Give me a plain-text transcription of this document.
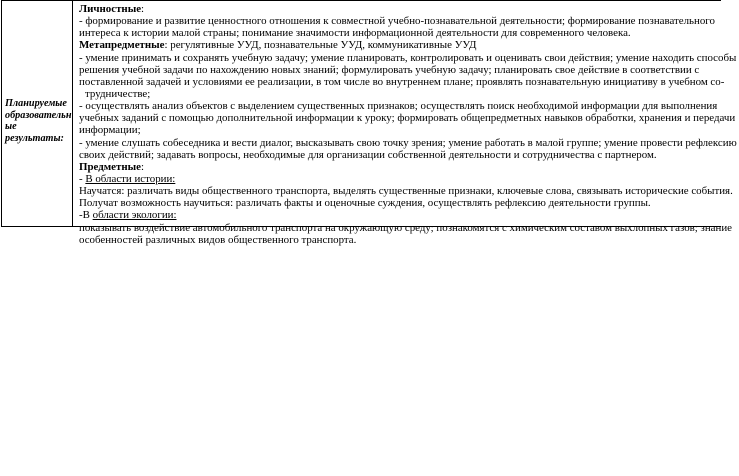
Планируемые
образовательн
ые результаты:
Личностные:
- формирование и развитие ценностного отношения к совместной учебно-познавательной деятельности; формирование познавательного
интереса к истории малой страны; понимание значимости информационной деятельности для современного человека.
Метапредметные: регулятивные УУД, познавательные УУД, коммуникативные УУД
- умение принимать и сохранять учебную задачу; умение планировать, контролировать и оценивать свои действия; умение находить способы
решения учебной задачи по нахождению новых знаний; формулировать учебную задачу; планировать свое действие в соответствии с
поставленной задачей и условиями ее реализации, в том числе во внутреннем плане; проявлять познавательную инициативу в учебном со-
трудничестве;
- осуществлять анализ объектов с выделением существенных признаков; осуществлять поиск необходимой информации для выполнения
учебных заданий с помощью дополнительной информации к уроку; формировать общепредметных навыков обработки, хранения и передачи
информации;
- умение слушать собеседника и вести диалог, высказывать свою точку зрения; умение работать в малой группе; умение провести рефлексию
своих действий; задавать вопросы, необходимые для организации собственной деятельности и сотрудничества с партнером.
Предметные:
- В области истории:
Научатся: различать виды общественного транспорта, выделять существенные признаки, ключевые слова, связывать исторические события.
Получат возможность научиться: различать факты и оценочные суждения, осуществлять рефлексию деятельности группы.
-В области экологии:
показывать воздействие автомобильного транспорта на окружающую среду; познакомятся с химическим составом выхлопных газов; знание
особенностей различных видов общественного транспорта.
